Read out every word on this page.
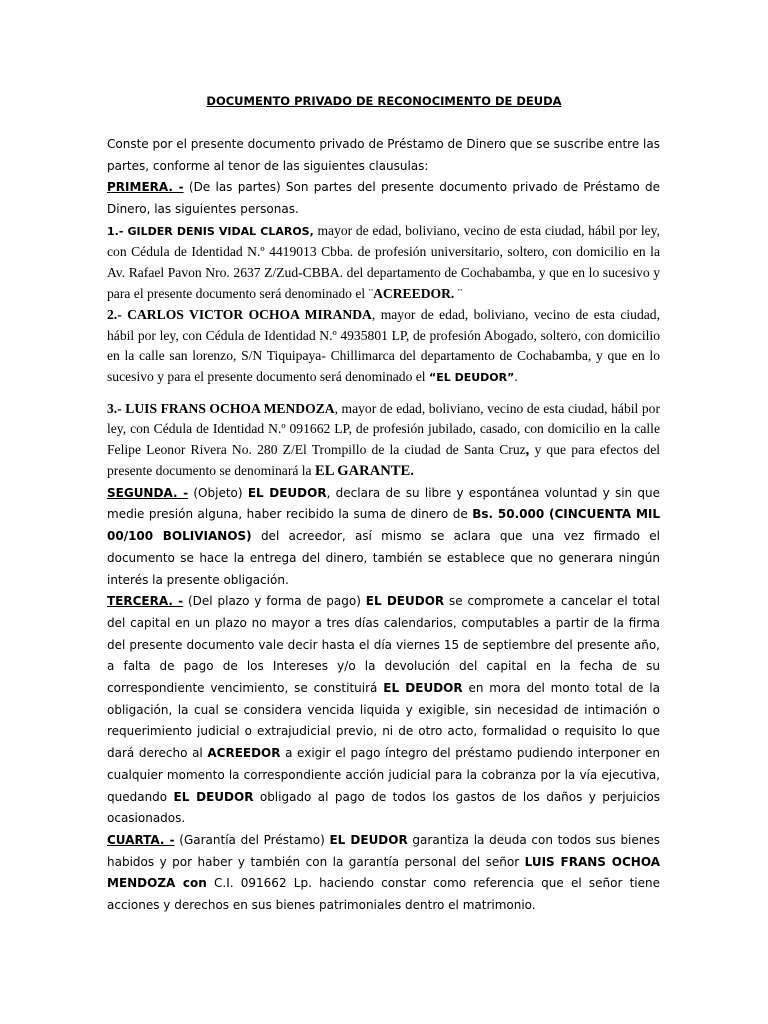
DOCUMENTO PRIVADO DE RECONOCIMENTO DE DEUDA

Conste por el presente documento privado de Préstamo de Dinero que se suscribe entre las partes, conforme al tenor de las siguientes clausulas:

PRIMERA. - (De las partes) Son partes del presente documento privado de Préstamo de Dinero, las siguientes personas.

1.- GILDER DENIS VIDAL CLAROS, mayor de edad, boliviano, vecino de esta ciudad, hábil por ley, con Cédula de Identidad N.º 4419013 Cbba. de profesión universitario, soltero, con domicilio en la Av. Rafael Pavon Nro. 2637 Z/Zud-CBBA. del departamento de Cochabamba, y que en lo sucesivo y para el presente documento será denominado el ¨ACREEDOR. ¨

2.- CARLOS VICTOR OCHOA MIRANDA, mayor de edad, boliviano, vecino de esta ciudad, hábil por ley, con Cédula de Identidad N.º 4935801 LP, de profesión Abogado, soltero, con domicilio en la calle san lorenzo, S/N Tiquipaya- Chillimarca del departamento de Cochabamba, y que en lo sucesivo y para el presente documento será denominado el “EL DEUDOR”.

3.- LUIS FRANS OCHOA MENDOZA, mayor de edad, boliviano, vecino de esta ciudad, hábil por ley, con Cédula de Identidad N.º 091662 LP, de profesión jubilado, casado, con domicilio en la calle Felipe Leonor Rivera No. 280 Z/El Trompillo de la ciudad de Santa Cruz, y que para efectos del presente documento se denominará la EL GARANTE.

SEGUNDA. - (Objeto) EL DEUDOR, declara de su libre y espontánea voluntad y sin que medie presión alguna, haber recibido la suma de dinero de Bs. 50.000 (CINCUENTA MIL 00/100 BOLIVIANOS) del acreedor, así mismo se aclara que una vez firmado el documento se hace la entrega del dinero, también se establece que no generara ningún interés la presente obligación.

TERCERA. - (Del plazo y forma de pago) EL DEUDOR se compromete a cancelar el total del capital en un plazo no mayor a tres días calendarios, computables a partir de la firma del presente documento vale decir hasta el día viernes 15 de septiembre del presente año, a falta de pago de los Intereses y/o la devolución del capital en la fecha de su correspondiente vencimiento, se constituirá EL DEUDOR en mora del monto total de la obligación, la cual se considera vencida liquida y exigible, sin necesidad de intimación o requerimiento judicial o extrajudicial previo, ni de otro acto, formalidad o requisito lo que dará derecho al ACREEDOR a exigir el pago íntegro del préstamo pudiendo interponer en cualquier momento la correspondiente acción judicial para la cobranza por la vía ejecutiva, quedando EL DEUDOR obligado al pago de todos los gastos de los daños y perjuicios ocasionados.

CUARTA. - (Garantía del Préstamo) EL DEUDOR garantiza la deuda con todos sus bienes habidos y por haber y también con la garantía personal del señor LUIS FRANS OCHOA MENDOZA con C.I. 091662 Lp. haciendo constar como referencia que el señor tiene acciones y derechos en sus bienes patrimoniales dentro el matrimonio.
